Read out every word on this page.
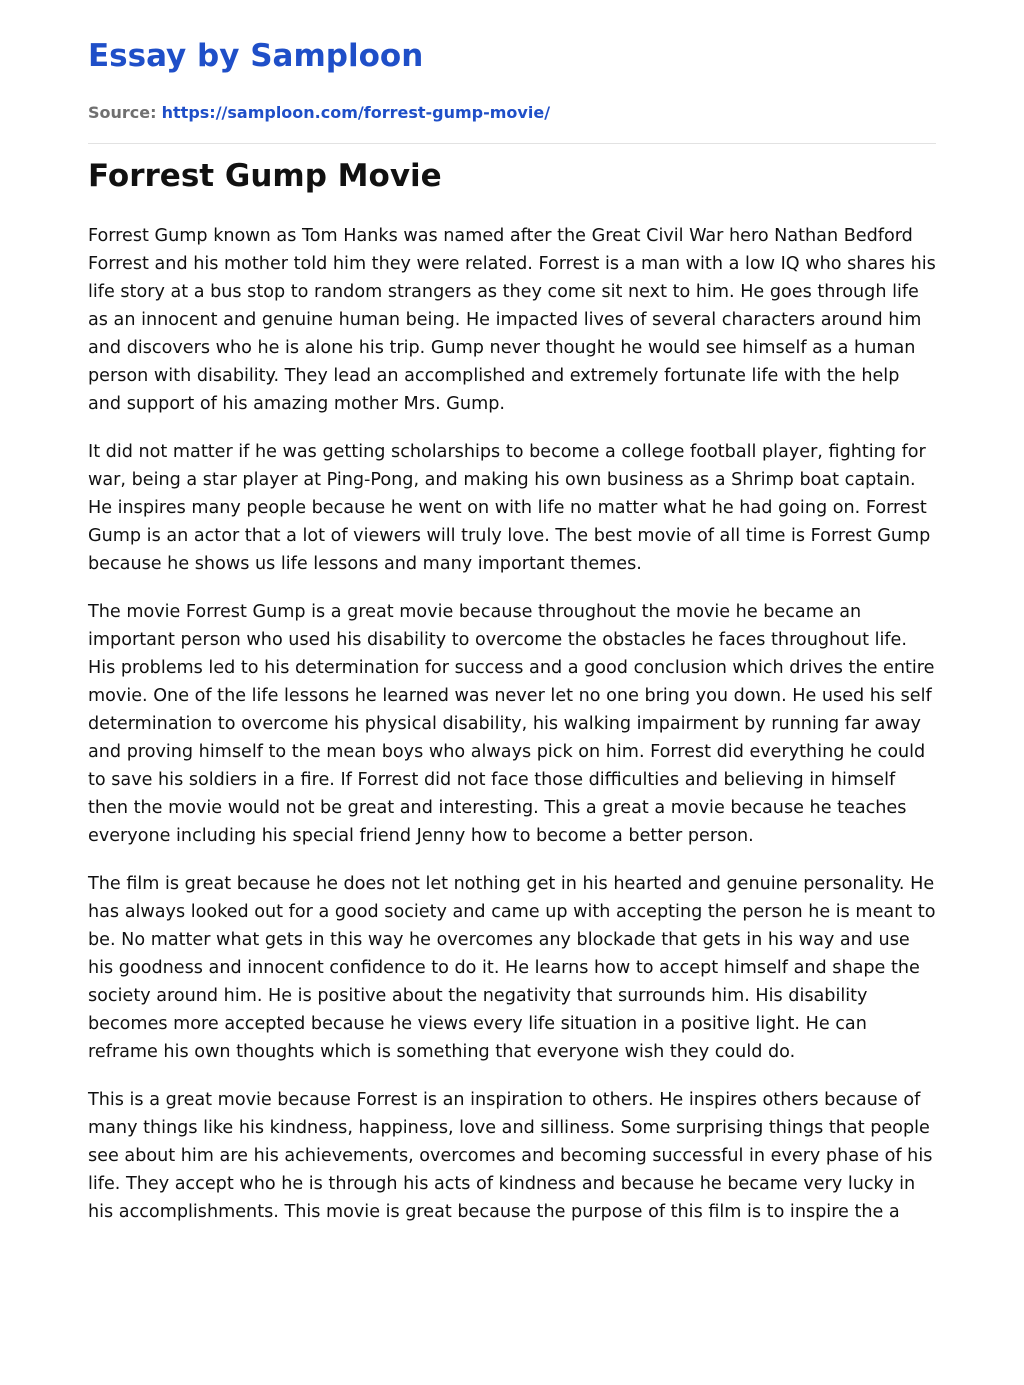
Essay by Samploon

Source: https://samploon.com/forrest-gump-movie/

Forrest Gump Movie

Forrest Gump known as Tom Hanks was named after the Great Civil War hero Nathan Bedford Forrest and his mother told him they were related. Forrest is a man with a low IQ who shares his life story at a bus stop to random strangers as they come sit next to him. He goes through life as an innocent and genuine human being. He impacted lives of several characters around him and discovers who he is alone his trip. Gump never thought he would see himself as a human person with disability. They lead an accomplished and extremely fortunate life with the help and support of his amazing mother Mrs. Gump.

It did not matter if he was getting scholarships to become a college football player, fighting for war, being a star player at Ping-Pong, and making his own business as a Shrimp boat captain. He inspires many people because he went on with life no matter what he had going on. Forrest Gump is an actor that a lot of viewers will truly love. The best movie of all time is Forrest Gump because he shows us life lessons and many important themes.

The movie Forrest Gump is a great movie because throughout the movie he became an important person who used his disability to overcome the obstacles he faces throughout life. His problems led to his determination for success and a good conclusion which drives the entire movie. One of the life lessons he learned was never let no one bring you down. He used his self determination to overcome his physical disability, his walking impairment by running far away and proving himself to the mean boys who always pick on him. Forrest did everything he could to save his soldiers in a fire. If Forrest did not face those difficulties and believing in himself then the movie would not be great and interesting. This a great a movie because he teaches everyone including his special friend Jenny how to become a better person.

The film is great because he does not let nothing get in his hearted and genuine personality. He has always looked out for a good society and came up with accepting the person he is meant to be. No matter what gets in this way he overcomes any blockade that gets in his way and use his goodness and innocent confidence to do it. He learns how to accept himself and shape the society around him. He is positive about the negativity that surrounds him. His disability becomes more accepted because he views every life situation in a positive light. He can reframe his own thoughts which is something that everyone wish they could do.

This is a great movie because Forrest is an inspiration to others. He inspires others because of many things like his kindness, happiness, love and silliness. Some surprising things that people see about him are his achievements, overcomes and becoming successful in every phase of his life. They accept who he is through his acts of kindness and because he became very lucky in his accomplishments. This movie is great because the purpose of this film is to inspire the a
